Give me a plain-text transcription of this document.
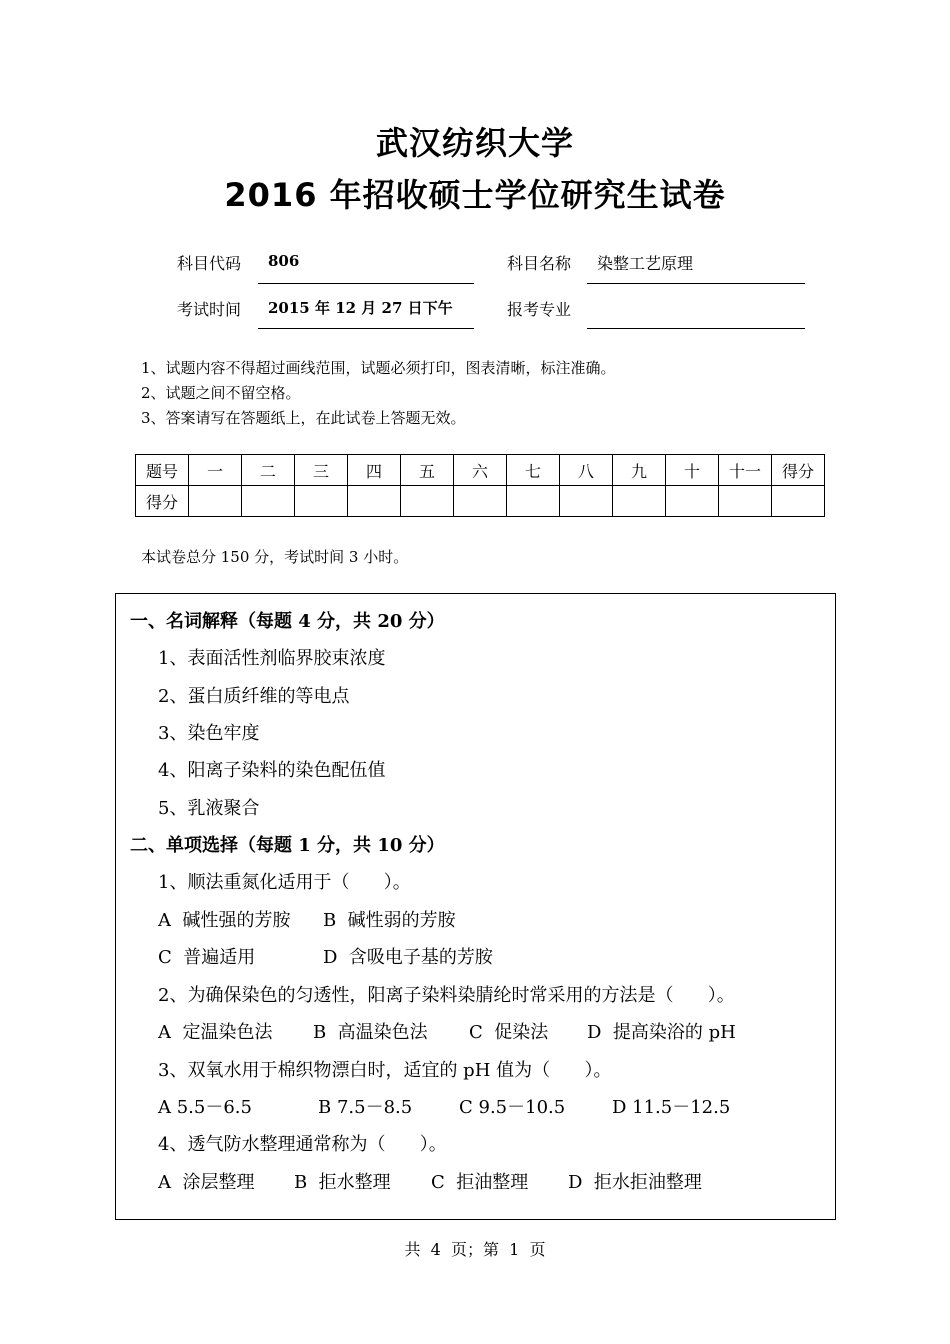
武汉纺织大学
2016 年招收硕士学位研究生试卷
科目代码 806	科目名称 染整工艺原理
考试时间 2015 年 12 月 27 日下午	报考专业
1、试题内容不得超过画线范围，试题必须打印，图表清晰，标注准确。
2、试题之间不留空格。
3、答案请写在答题纸上，在此试卷上答题无效。
题号	一	二	三	四	五	六	七	八	九	十	十一	得分
得分												
本试卷总分 150 分，考试时间 3 小时。
一、名词解释（每题 4 分，共 20 分）
1、表面活性剂临界胶束浓度
2、蛋白质纤维的等电点
3、染色牢度
4、阳离子染料的染色配伍值
5、乳液聚合
二、单项选择（每题 1 分，共 10 分）
1、顺法重氮化适用于（      ）。
A  碱性强的芳胺 B  碱性弱的芳胺
C  普遍适用	D  含吸电子基的芳胺
2、为确保染色的匀透性，阳离子染料染腈纶时常采用的方法是（      ）。
A  定温染色法 B  高温染色法 C  促染法 D  提高染浴的 pH
3、双氧水用于棉织物漂白时，适宜的 pH 值为（      ）。
A 5.5－6.5	B 7.5－8.5	C 9.5－10.5	D 11.5－12.5
4、透气防水整理通常称为（      ）。
A  涂层整理 B  拒水整理 C  拒油整理 D  拒水拒油整理
共  4  页；第  1  页
